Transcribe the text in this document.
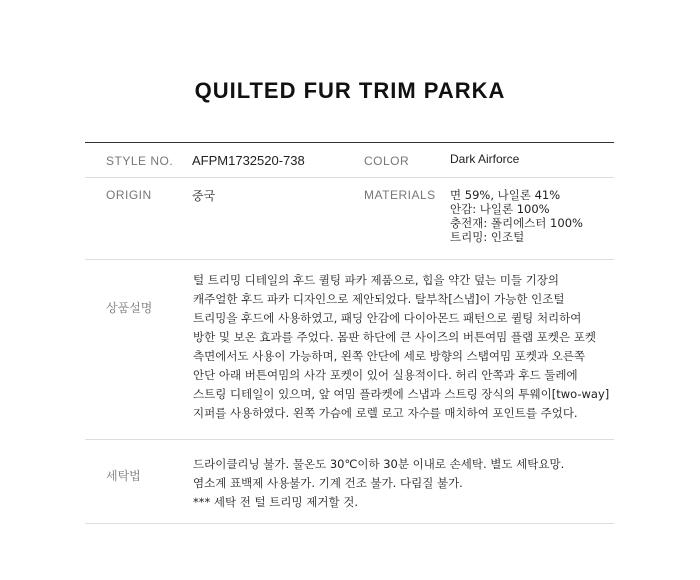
QUILTED FUR TRIM PARKA
STYLE NO. AFPM1732520-738	COLOR	Dark Airforce
ORIGIN	중국	MATERIALS 면 59%, 나일론 41%
안감: 나일론 100%
충전재: 폴리에스터 100%
트리밍: 인조털
상품설명
털 트리밍 디테일의 후드 퀼팅 파카 제품으로, 힙을 약간 덮는 미들 기장의
캐주얼한 후드 파카 디자인으로 제안되었다. 탈부착[스냅]이 가능한 인조털
트리밍을 후드에 사용하였고, 패딩 안감에 다이아몬드 패턴으로 퀼팅 처리하여
방한 및 보온 효과를 주었다. 몸판 하단에 큰 사이즈의 버튼여밈 플랩 포켓은 포켓
측면에서도 사용이 가능하며, 왼쪽 안단에 세로 방향의 스탭여밈 포켓과 오른쪽
안단 아래 버튼여밈의 사각 포켓이 있어 실용적이다. 허리 안쪽과 후드 둘레에
스트링 디테일이 있으며, 앞 여밈 플라켓에 스냅과 스트링 장식의 투웨이[two-way]
지퍼를 사용하였다. 왼쪽 가슴에 로렐 로고 자수를 매치하여 포인트를 주었다.
세탁법
드라이클리닝 불가. 물온도 30℃이하 30분 이내로 손세탁. 별도 세탁요망.
염소계 표백제 사용불가. 기계 건조 불가. 다림질 불가.
*** 세탁 전 털 트리밍 제거할 것.
